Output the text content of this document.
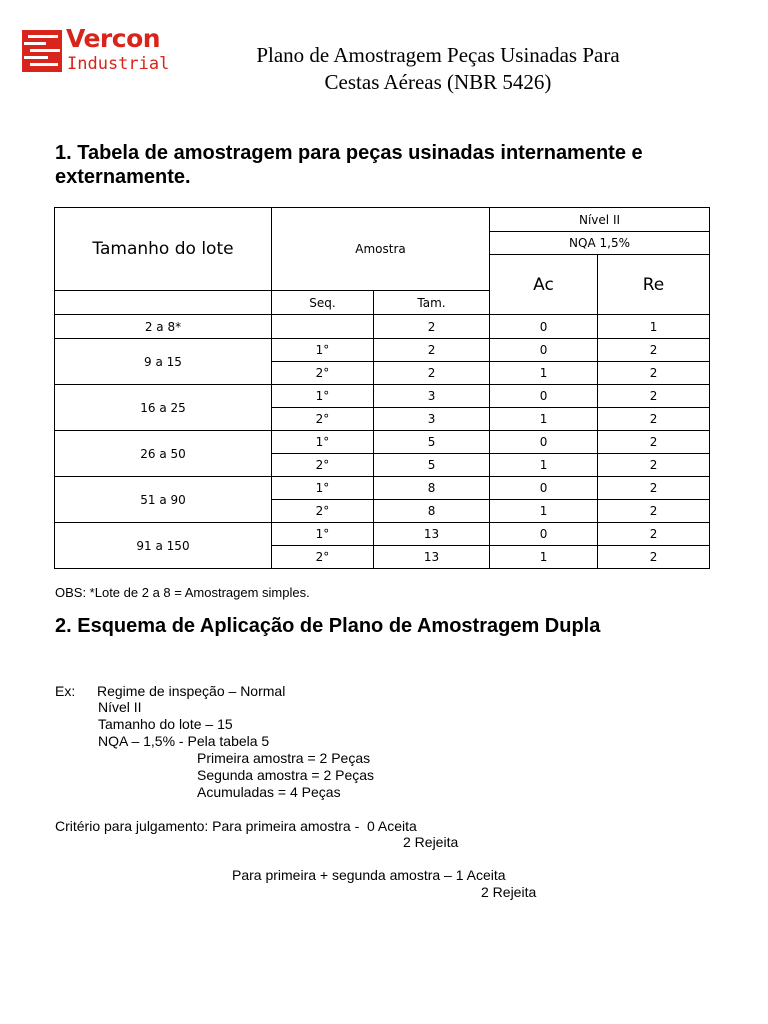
Vercon
Industrial	Plano de Amostragem Peças Usinadas Para
Cestas Aéreas (NBR 5426)
1. Tabela de amostragem para peças usinadas internamente e
externamente.
Tamanho do lote	Amostra		Nível II	
			NQA 1,5%	
			Ac	Re
	Seq.	Tam.		
2 a 8*		2	0	1
9 a 15	1°	2	0	2
	2°	2	1	2
16 a 25	1°	3	0	2
	2°	3	1	2
26 a 50	1°	5	0	2
	2°	5	1	2
51 a 90	1°	8	0	2
	2°	8	1	2
91 a 150	1°	13	0	2
	2°	13	1	2
OBS: *Lote de 2 a 8 = Amostragem simples.
2. Esquema de Aplicação de Plano de Amostragem Dupla
Ex: Regime de inspeção – Normal
Nível II
Tamanho do lote – 15
NQA – 1,5% - Pela tabela 5
Primeira amostra = 2 Peças
Segunda amostra = 2 Peças
Acumuladas = 4 Peças
Critério para julgamento: Para primeira amostra -  0 Aceita
2 Rejeita
Para primeira + segunda amostra – 1 Aceita
2 Rejeita
